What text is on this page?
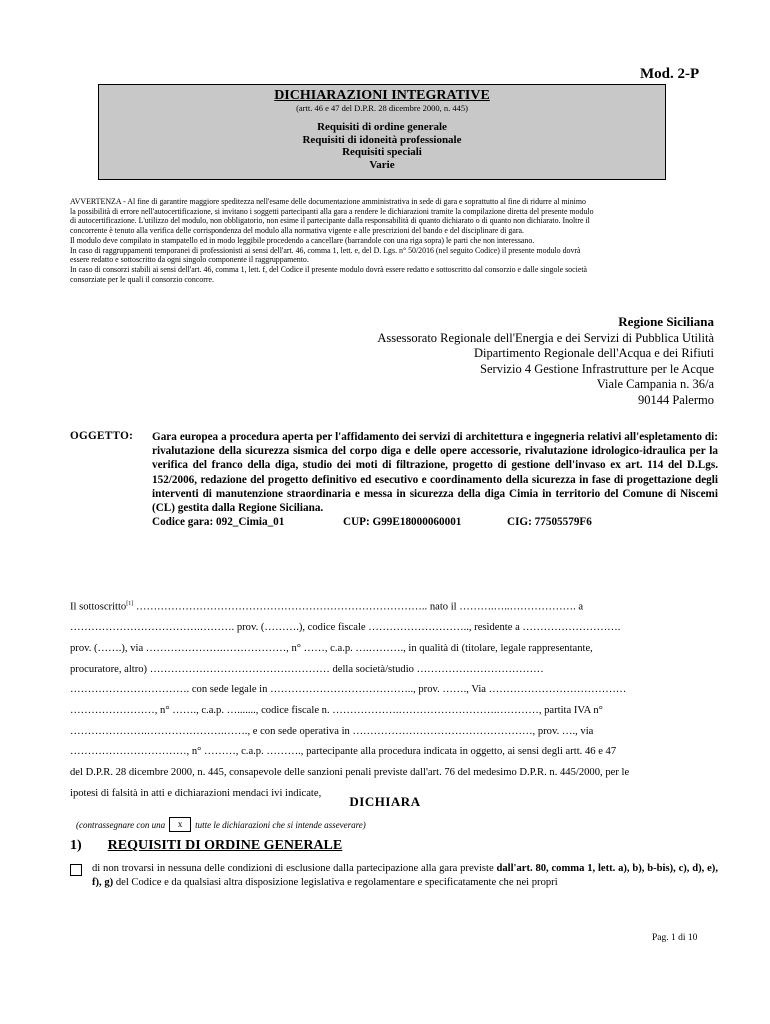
Mod. 2-P
DICHIARAZIONI INTEGRATIVE
(artt. 46 e 47 del D.P.R. 28 dicembre 2000, n. 445)
Requisiti di ordine generale
Requisiti di idoneità professionale
Requisiti speciali
Varie
AVVERTENZA - Al fine di garantire maggiore speditezza nell'esame delle documentazione amministrativa in sede di gara e soprattutto al fine di ridurre al minimo
la possibilità di errore nell'autocertificazione, si invitano i soggetti partecipanti alla gara a rendere le dichiarazioni tramite la compilazione diretta del presente modulo
di autocertificazione. L'utilizzo del modulo, non obbligatorio, non esime il partecipante dalla responsabilità di quanto dichiarato o di quanto non dichiarato. Inoltre il
concorrente è tenuto alla verifica delle corrispondenza del modulo alla normativa vigente e alle prescrizioni del bando e del disciplinare di gara.
Il modulo deve compilato in stampatello ed in modo leggibile procedendo a cancellare (barrandole con una riga sopra) le parti che non interessano.
In caso di raggruppamenti temporanei di professionisti ai sensi dell'art. 46, comma 1, lett. e, del D. Lgs. n° 50/2016 (nel seguito Codice) il presente modulo dovrà
essere redatto e sottoscritto da ogni singolo componente il raggruppamento.
In caso di consorzi stabili ai sensi dell'art. 46, comma 1, lett. f, del Codice il presente modulo dovrà essere redatto e sottoscritto dal consorzio e dalle singole società
consorziate per le quali il consorzio concorre.
Regione Siciliana
Assessorato Regionale dell'Energia e dei Servizi di Pubblica Utilità
Dipartimento Regionale dell'Acqua e dei Rifiuti
Servizio 4 Gestione Infrastrutture per le Acque
Viale Campania n. 36/a
90144 Palermo
OGGETTO: Gara europea a procedura aperta per l'affidamento dei servizi di architettura e ingegneria relativi all'espletamento di: rivalutazione della sicurezza sismica del corpo diga e delle opere accessorie, rivalutazione idrologico-idraulica per la verifica del franco della diga, studio dei moti di filtrazione, progetto di gestione dell'invaso ex art. 114 del D.Lgs. 152/2006, redazione del progetto definitivo ed esecutivo e coordinamento della sicurezza in fase di progettazione degli interventi di manutenzione straordinaria e messa in sicurezza della diga Cimia in territorio del Comune di Niscemi (CL) gestita dalla Regione Siciliana.
Codice gara: 092_Cimia_01	CUP: G99E18000060001	CIG: 77505579F6
Il sottoscritto[1] ……………………………………………………………………….. nato il ……….…..………………. a
……………………………….………. prov. (……….), codice fiscale ……………………….., residente a ……………………….
prov. (…….), via ………………….………………, n° ……, c.a.p. ….………., in qualità di (titolare, legale rappresentante,
procuratore, altro) …………………………………………… della società/studio ………………………………
……………………………. con sede legale in ………………………………….., prov. ……., Via …………………………………
……………………, n° ……., c.a.p. …......., codice fiscale n. ……………….……………………….…………, partita IVA n°
………………….………………….……., e con sede operativa in ……………………………………………, prov. …., via
……………………………, n° ………, c.a.p. ………., partecipante alla procedura indicata in oggetto, ai sensi degli artt. 46 e 47
del D.P.R. 28 dicembre 2000, n. 445, consapevole delle sanzioni penali previste dall'art. 76 del medesimo D.P.R. n. 445/2000, per le
ipotesi di falsità in atti e dichiarazioni mendaci ivi indicate,
DICHIARA
(contrassegnare con una	x	tutte le dichiarazioni che si intende asseverare)
1) REQUISITI DI ORDINE GENERALE
di non trovarsi in nessuna delle condizioni di esclusione dalla partecipazione alla gara previste dall'art. 80, comma 1, lett. a), b), b-bis), c), d), e), f), g) del Codice e da qualsiasi altra disposizione legislativa e regolamentare e specificatamente che nei propri
Pag. 1 di 10
